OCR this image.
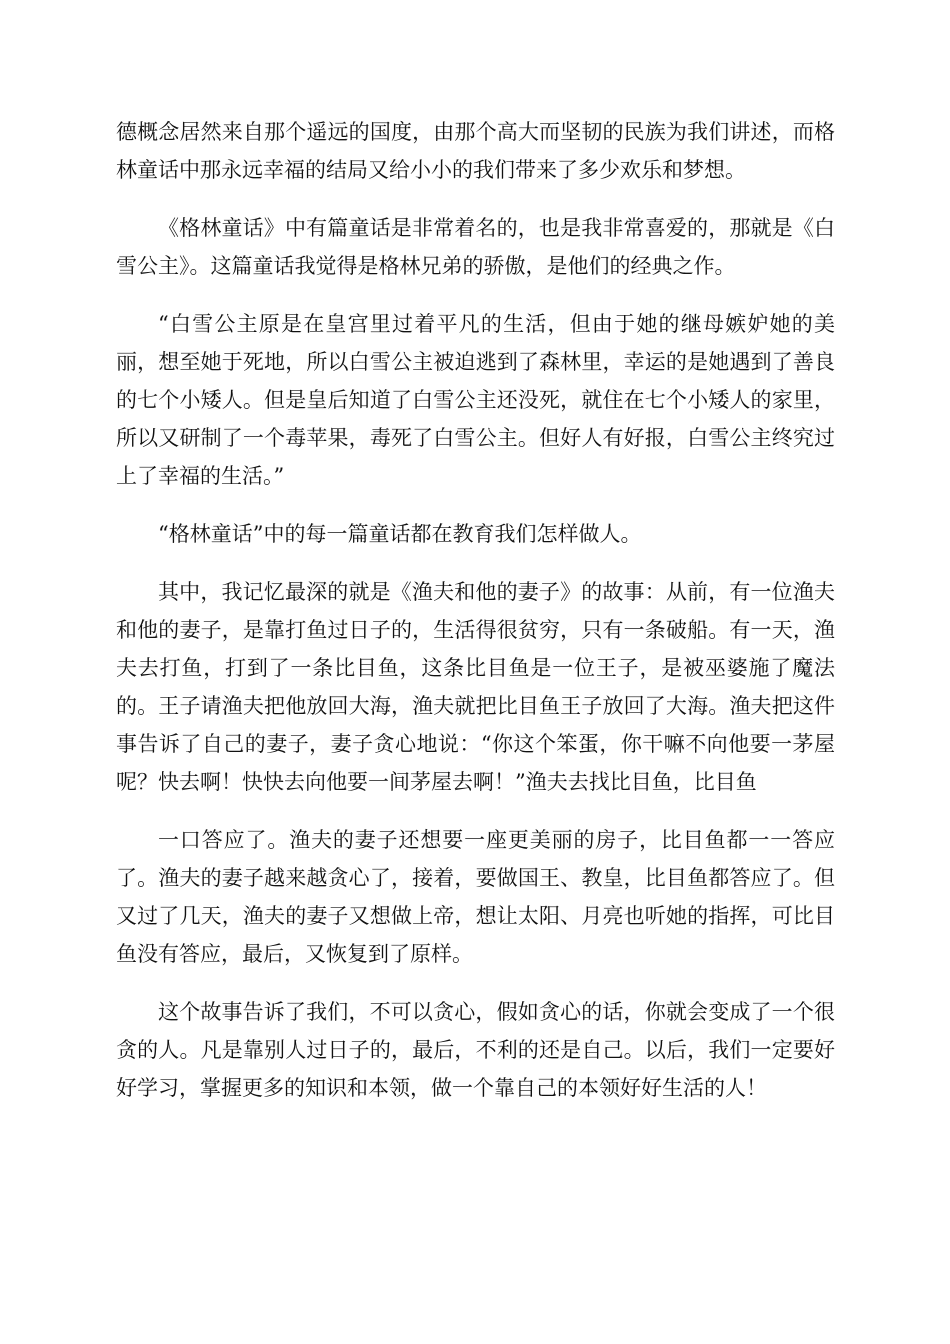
德概念居然来自那个遥远的国度，由那个高大而坚韧的民族为我们讲述，而格林童话中那永远幸福的结局又给小小的我们带来了多少欢乐和梦想。

《格林童话》中有篇童话是非常着名的，也是我非常喜爱的，那就是《白雪公主》。这篇童话我觉得是格林兄弟的骄傲，是他们的经典之作。

“白雪公主原是在皇宫里过着平凡的生活，但由于她的继母嫉妒她的美丽，想至她于死地，所以白雪公主被迫逃到了森林里，幸运的是她遇到了善良的七个小矮人。但是皇后知道了白雪公主还没死，就住在七个小矮人的家里，所以又研制了一个毒苹果，毒死了白雪公主。但好人有好报，白雪公主终究过上了幸福的生活。”

“格林童话”中的每一篇童话都在教育我们怎样做人。

其中，我记忆最深的就是《渔夫和他的妻子》的故事：从前，有一位渔夫和他的妻子，是靠打鱼过日子的，生活得很贫穷，只有一条破船。有一天，渔夫去打鱼，打到了一条比目鱼，这条比目鱼是一位王子，是被巫婆施了魔法的。王子请渔夫把他放回大海，渔夫就把比目鱼王子放回了大海。渔夫把这件事告诉了自己的妻子，妻子贪心地说：“你这个笨蛋，你干嘛不向他要一茅屋呢？快去啊！快快去向他要一间茅屋去啊！”渔夫去找比目鱼，比目鱼

一口答应了。渔夫的妻子还想要一座更美丽的房子，比目鱼都一一答应了。渔夫的妻子越来越贪心了，接着，要做国王、教皇，比目鱼都答应了。但又过了几天，渔夫的妻子又想做上帝，想让太阳、月亮也听她的指挥，可比目鱼没有答应，最后，又恢复到了原样。

这个故事告诉了我们，不可以贪心，假如贪心的话，你就会变成了一个很贪的人。凡是靠别人过日子的，最后，不利的还是自己。以后，我们一定要好好学习，掌握更多的知识和本领，做一个靠自己的本领好好生活的人！
